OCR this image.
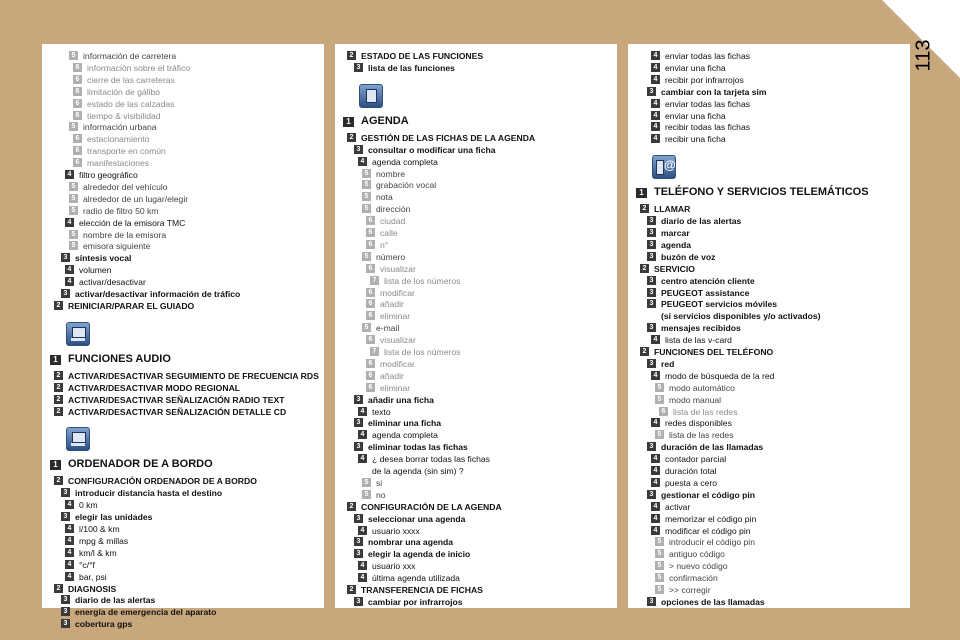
113
5 información de carretera
6 información sobre el tráfico
6 cierre de las carreteras
6 limitación de gálibo
6 estado de las calzadas
6 tiempo & visibilidad
5 información urbana
6 estacionamiento
6 transporte en común
6 manifestaciones
4 filtro geográfico
5 alrededor del vehículo
5 alrededor de un lugar/elegir
5 radio de filtro 50 km
4 elección de la emisora TMC
5 nombre de la emisora
5 emisora siguiente
3 síntesis vocal
4 volumen
4 activar/desactivar
3 activar/desactivar información de tráfico
2 REINICIAR/PARAR EL GUIADO
1 FUNCIONES AUDIO
2 ACTIVAR/DESACTIVAR SEGUIMIENTO DE FRECUENCIA RDS
2 ACTIVAR/DESACTIVAR MODO REGIONAL
2 ACTIVAR/DESACTIVAR SEÑALIZACIÓN RADIO TEXT
2 ACTIVAR/DESACTIVAR SEÑALIZACIÓN DETALLE CD
1 ORDENADOR DE A BORDO
2 CONFIGURACIÓN ORDENADOR DE A BORDO
3 introducir distancia hasta el destino
4 0 km
3 elegir las unidades
4 l/100 & km
4 mpg & millas
4 km/l & km
4 °c/°f
4 bar, psi
2 DIAGNOSIS
3 diario de las alertas
3 energía de emergencia del aparato
3 cobertura gps
2 ESTADO DE LAS FUNCIONES
3 lista de las funciones
1 AGENDA
2 GESTIÓN DE LAS FICHAS DE LA AGENDA
3 consultar o modificar una ficha
4 agenda completa
5 nombre
5 grabación vocal
5 nota
5 dirección
6 ciudad
6 calle
6 n°
5 número
6 visualizar
7 lista de los números
6 modificar
6 añadir
6 eliminar
5 e-mail
6 visualizar
7 lista de los números
6 modificar
6 añadir
6 eliminar
3 añadir una ficha
4 texto
3 eliminar una ficha
4 agenda completa
3 eliminar todas las fichas
4 ¿ desea borrar todas las fichas
de la agenda (sin sim) ?
5 si
5 no
2 CONFIGURACIÓN DE LA AGENDA
3 seleccionar una agenda
4 usuario xxxx
3 nombrar una agenda
3 elegir la agenda de inicio
4 usuario xxx
4 última agenda utilizada
2 TRANSFERENCIA DE FICHAS
3 cambiar por infrarrojos
4 enviar todas las fichas
4 enviar una ficha
4 recibir por infrarrojos
3 cambiar con la tarjeta sim
4 enviar todas las fichas
4 enviar una ficha
4 recibir todas las fichas
4 recibir una ficha
@
1 TELÉFONO Y SERVICIOS TELEMÁTICOS
2 LLAMAR
3 diario de las alertas
3 marcar
3 agenda
3 buzón de voz
2 SERVICIO
3 centro atención cliente
3 PEUGEOT assistance
3 PEUGEOT servicios móviles
(si servicios disponibles y/o activados)
3 mensajes recibidos
4 lista de las v-card
2 FUNCIONES DEL TELÉFONO
3 red
4 modo de búsqueda de la red
5 modo automático
5 modo manual
6 lista de las redes
4 redes disponibles
5 lista de las redes
3 duración de las llamadas
4 contador parcial
4 duración total
4 puesta a cero
3 gestionar el código pin
4 activar
4 memorizar el código pin
4 modificar el código pin
5 introducir el código pin
5 antiguo código
5 > nuevo código
5 confirmación
5 >> corregir
3 opciones de las llamadas
